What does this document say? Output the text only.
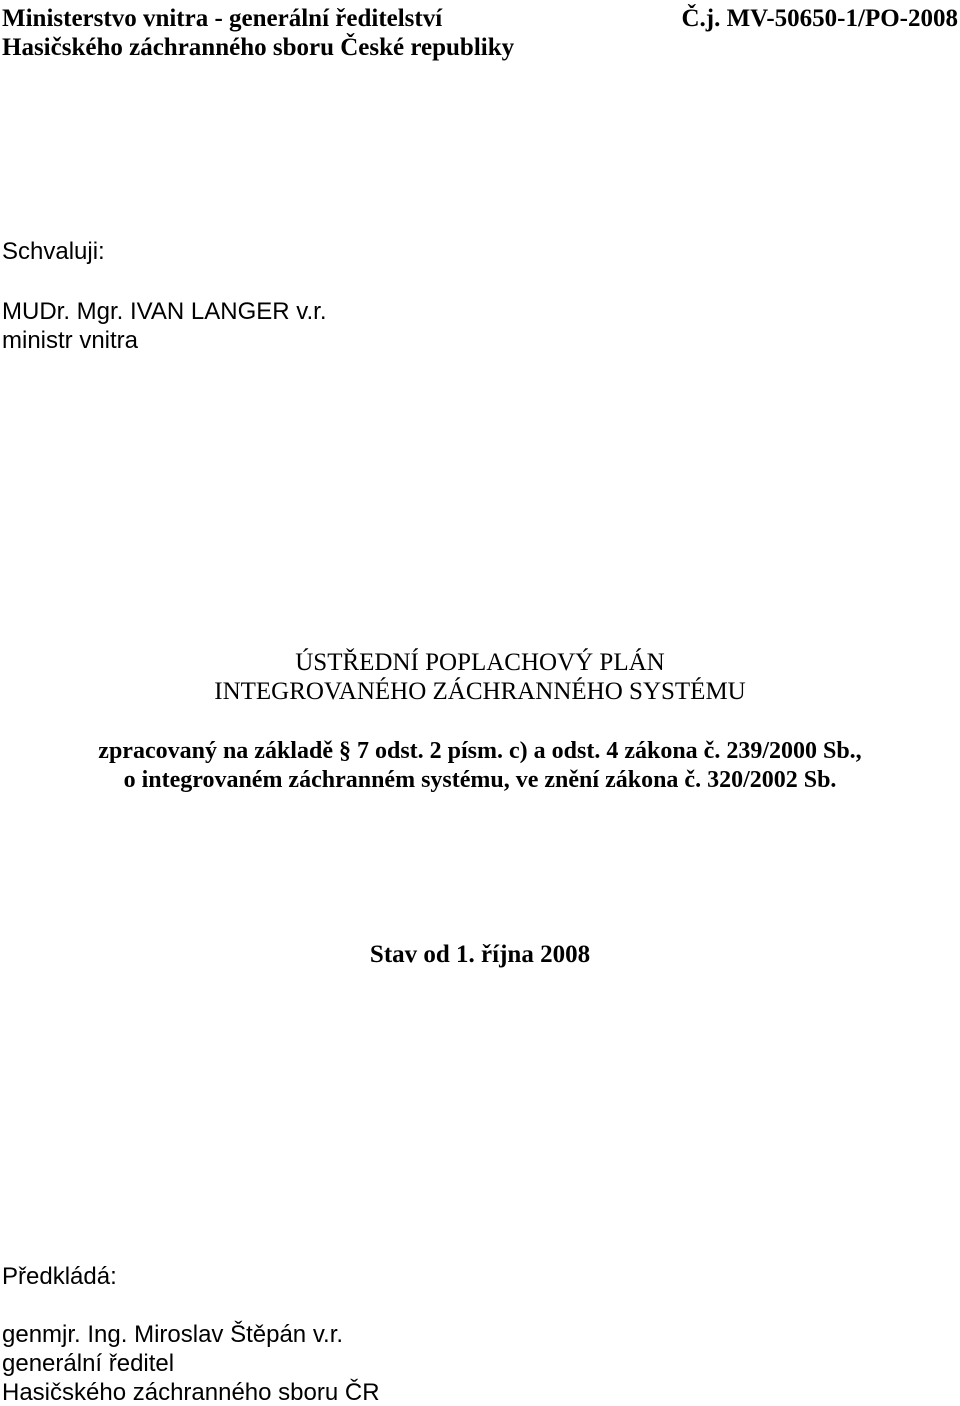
Ministerstvo vnitra - generální ředitelství
Hasičského záchranného sboru České republiky
Č.j. MV-50650-1/PO-2008
Schvaluji:
MUDr. Mgr. IVAN LANGER v.r.
ministr vnitra
ÚSTŘEDNÍ POPLACHOVÝ PLÁN
INTEGROVANÉHO ZÁCHRANNÉHO SYSTÉMU
zpracovaný na základě § 7 odst. 2 písm. c) a odst. 4 zákona č. 239/2000 Sb.,
o integrovaném záchranném systému, ve znění zákona č. 320/2002 Sb.
Stav od 1. října 2008
Předkládá:
genmjr. Ing. Miroslav Štěpán v.r.
generální ředitel
Hasičského záchranného sboru ČR
